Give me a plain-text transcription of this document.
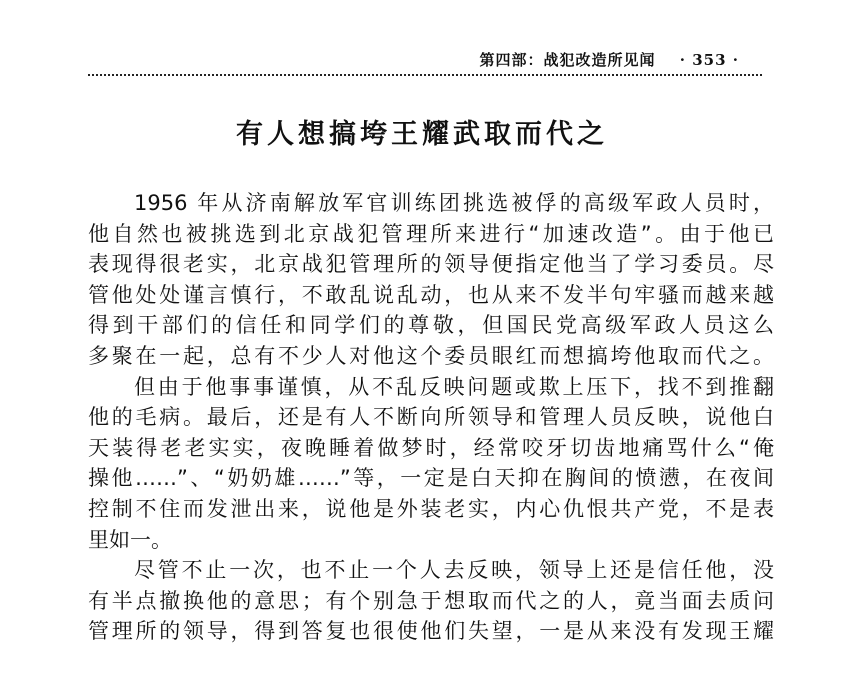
第四部：战犯改造所见闻 · 353 ·
有人想搞垮王耀武取而代之
1956 年从济南解放军官训练团挑选被俘的高级军政人员时，
他自然也被挑选到北京战犯管理所来进行“加速改造”。由于他已
表现得很老实，北京战犯管理所的领导便指定他当了学习委员。尽
管他处处谨言慎行，不敢乱说乱动，也从来不发半句牢骚而越来越
得到干部们的信任和同学们的尊敬，但国民党高级军政人员这么
多聚在一起，总有不少人对他这个委员眼红而想搞垮他取而代之。
但由于他事事谨慎，从不乱反映问题或欺上压下，找不到推翻
他的毛病。最后，还是有人不断向所领导和管理人员反映，说他白
天装得老老实实，夜晚睡着做梦时，经常咬牙切齿地痛骂什么“俺
操他……”、“奶奶雄……”等，一定是白天抑在胸间的愤懑，在夜间
控制不住而发泄出来，说他是外装老实，内心仇恨共产党，不是表
里如一。
尽管不止一次，也不止一个人去反映，领导上还是信任他，没
有半点撤换他的意思；有个别急于想取而代之的人，竟当面去质问
管理所的领导，得到答复也很使他们失望，一是从来没有发现王耀
